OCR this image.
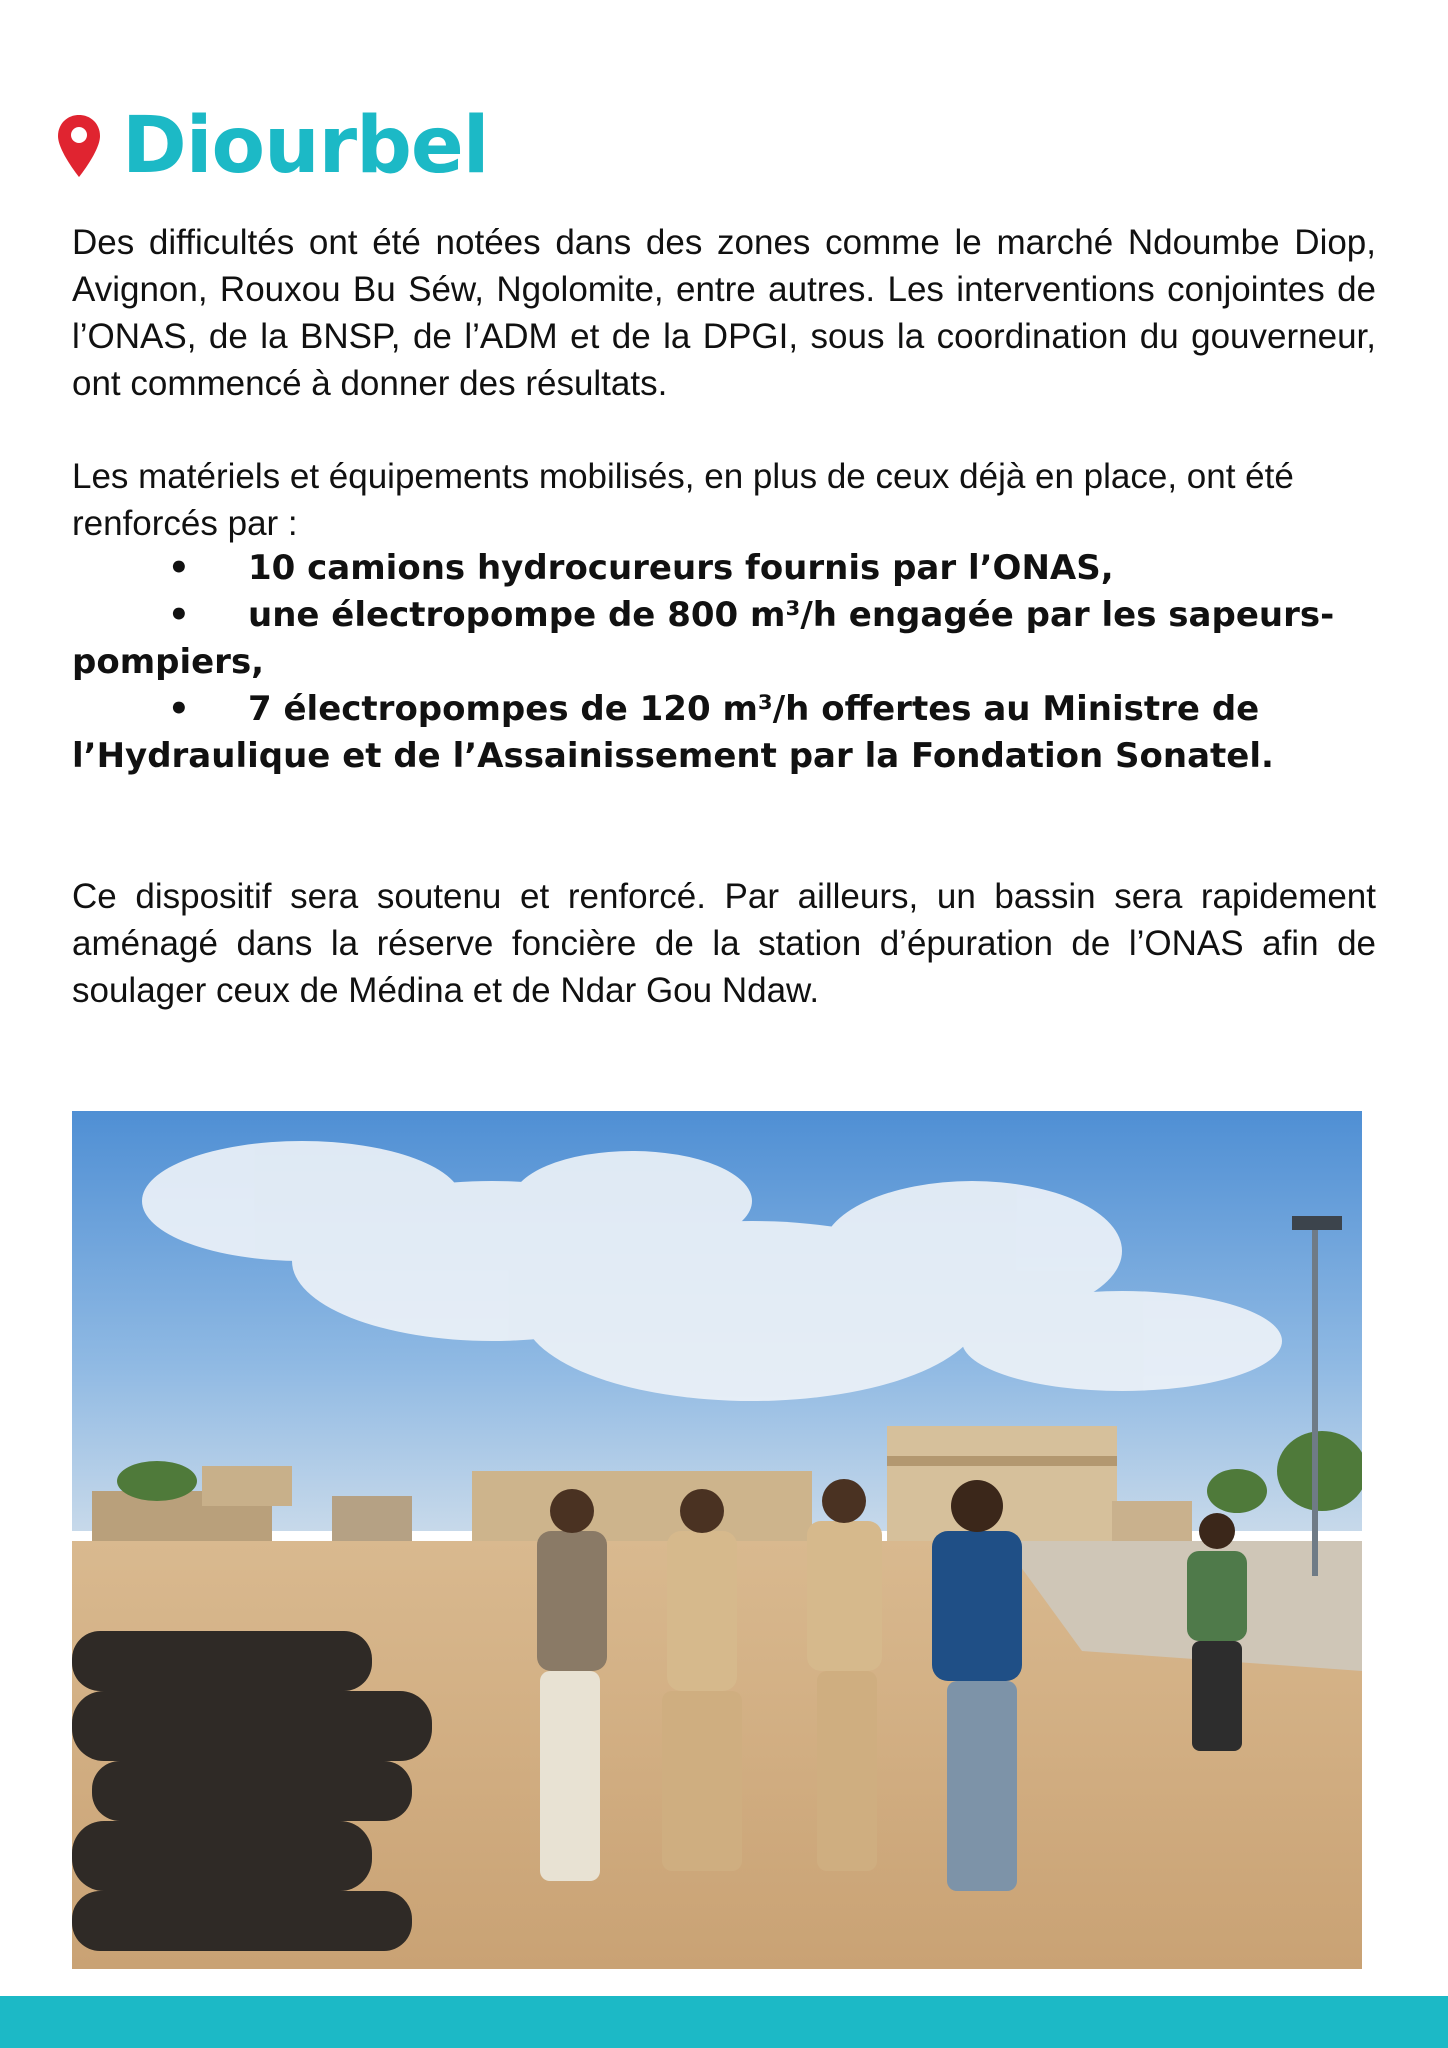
Diourbel

Des difficultés ont été notées dans des zones comme le marché Ndoumbe Diop, Avignon, Rouxou Bu Séw, Ngolomite, entre autres. Les interventions conjointes de l’ONAS, de la BNSP, de l’ADM et de la DPGI, sous la coordination du gouverneur, ont commencé à donner des résultats.

Les matériels et équipements mobilisés, en plus de ceux déjà en place, ont été renforcés par :

• 10 camions hydrocureurs fournis par l’ONAS,
• une électropompe de 800 m³/h engagée par les sapeurs-pompiers,
• 7 électropompes de 120 m³/h offertes au Ministre de l’Hydraulique et de l’Assainissement par la Fondation Sonatel.

Ce dispositif sera soutenu et renforcé. Par ailleurs, un bassin sera rapidement aménagé dans la réserve foncière de la station d’épuration de l’ONAS afin de soulager ceux de Médina et de Ndar Gou Ndaw.
